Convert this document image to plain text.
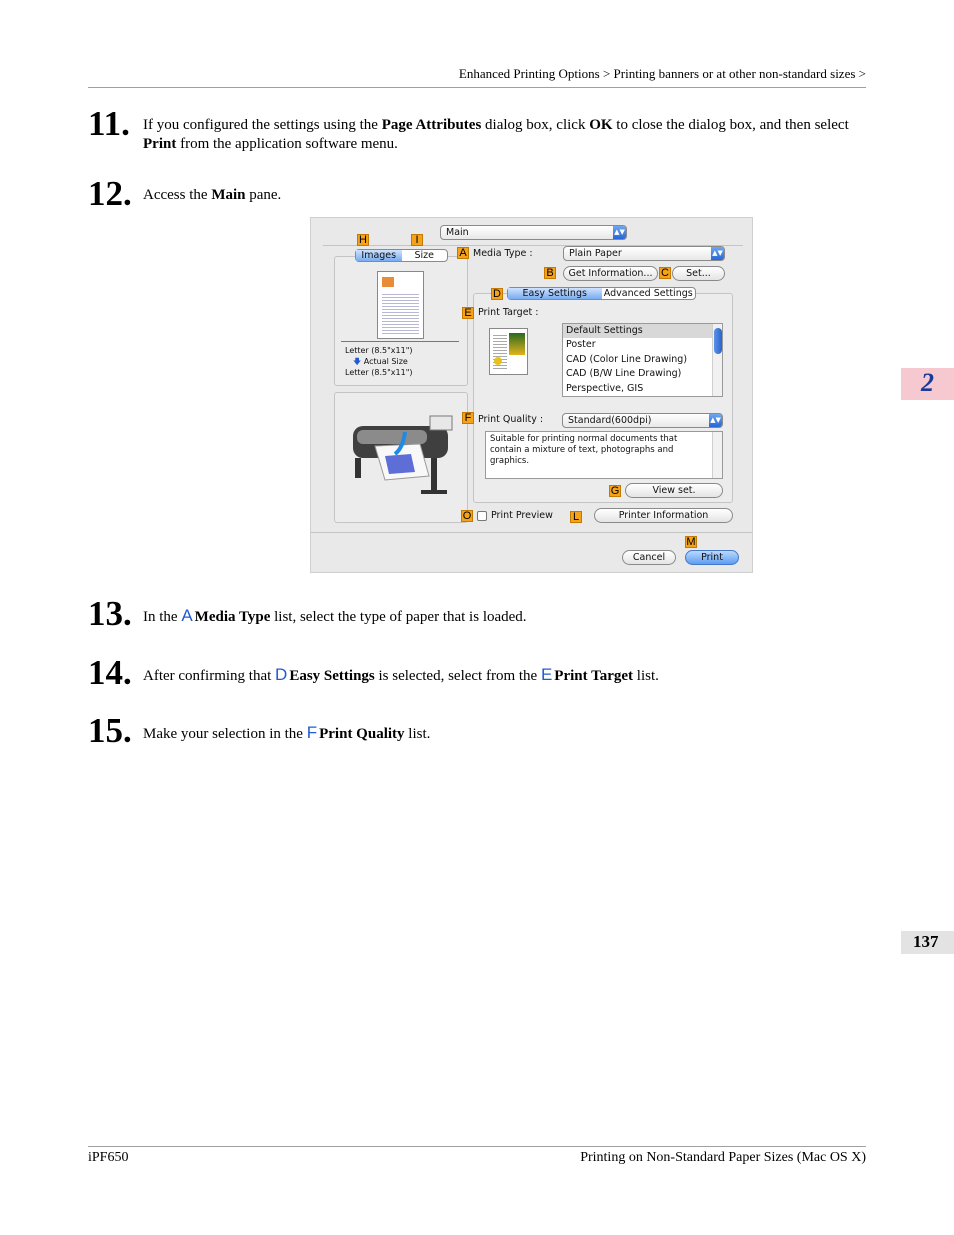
Enhanced Printing Options > Printing banners or at other non-standard sizes >
2
137
11. If you configured the settings using the Page Attributes dialog box, click OK to close the dialog box, and then select Print from the application software menu.
12. Access the Main pane.
Main	▲▼
H	I
Images	Size
Letter (8.5"x11")
🡇 Actual Size
Letter (8.5"x11")
A Media Type :	Plain Paper	▲▼
B	Get Information... C	Set...
D	Easy Settings	Advanced Settings
E Print Target :
Default Settings
Poster
CAD (Color Line Drawing)
CAD (B/W Line Drawing)
Perspective, GIS
F Print Quality :	Standard(600dpi)	▲▼
Suitable for printing normal documents that contain a mixture of text, photographs and graphics.
G	View set.
O Print Preview L	Printer Information
M
Cancel	Print
13. In the A Media Type list, select the type of paper that is loaded.
14. After confirming that D Easy Settings is selected, select from the E Print Target list.
15. Make your selection in the F Print Quality list.
iPF650	Printing on Non-Standard Paper Sizes (Mac OS X)
